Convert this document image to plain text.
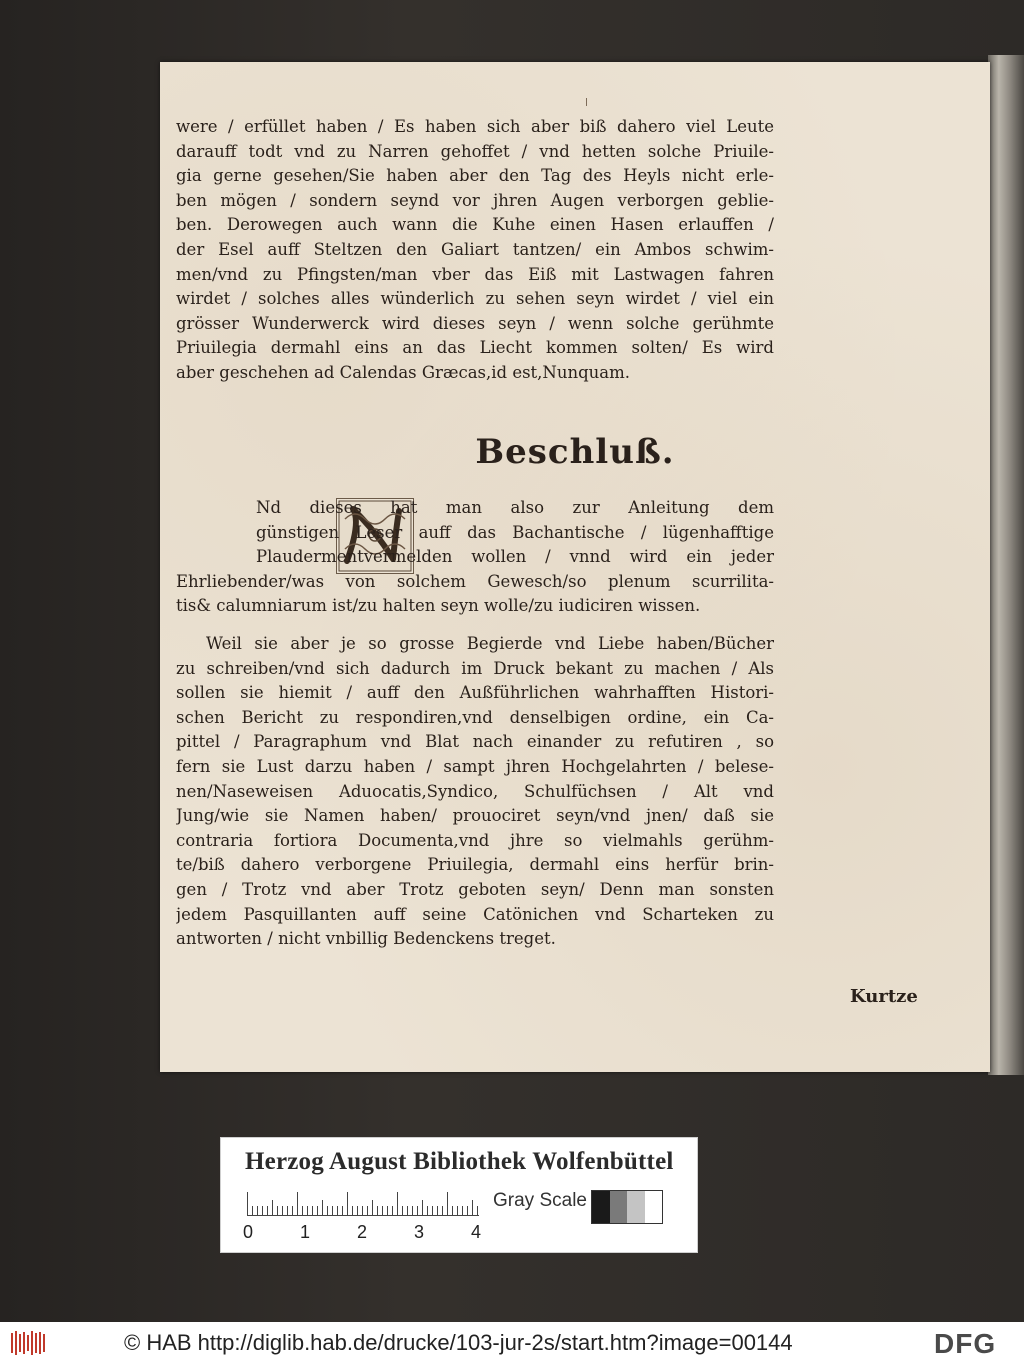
were / erfüllet haben / Es haben sich aber biß dahero viel Leute
darauff todt vnd zu Narren gehoffet / vnd hetten solche Priuile-
gia gerne gesehen/Sie haben aber den Tag des Heyls nicht erle-
ben mögen / sondern seynd vor jhren Augen verborgen geblie-
ben. Derowegen auch wann die Kuhe einen Hasen erlauffen /
der Esel auff Steltzen den Galiart tantzen/ ein Ambos schwim-
men/vnd zu Pfingsten/man vber das Eiß mit Lastwagen fahren
wirdet / solches alles wünderlich zu sehen seyn wirdet / viel ein
grösser Wunderwerck wird dieses seyn / wenn solche gerühmte
Priuilegia dermahl eins an das Liecht kommen solten/ Es wird
aber geschehen ad Calendas Græcas,id est,Nunquam.
Beschluß.
Nd dieses hat man also zur Anleitung dem
günstigen Leser auff das Bachantische / lügenhafftige
Plaudermentvermelden wollen / vnnd wird ein jeder
Ehrliebender/was von solchem Gewesch/so plenum scurrilita-
tis& calumniarum ist/zu halten seyn wolle/zu iudiciren wissen.
Weil sie aber je so grosse Begierde vnd Liebe haben/Bücher
zu schreiben/vnd sich dadurch im Druck bekant zu machen / Als
sollen sie hiemit / auff den Außführlichen wahrhafften Histori-
schen Bericht zu respondiren,vnd denselbigen ordine, ein Ca-
pittel / Paragraphum vnd Blat nach einander zu refutiren , so
fern sie Lust darzu haben / sampt jhren Hochgelahrten / belese-
nen/Naseweisen Aduocatis,Syndico, Schulfüchsen / Alt vnd
Jung/wie sie Namen haben/ prouociret seyn/vnd jnen/ daß sie
contraria fortiora Documenta,vnd jhre so vielmahls gerühm-
te/biß dahero verborgene Priuilegia, dermahl eins herfür brin-
gen / Trotz vnd aber Trotz geboten seyn/ Denn man sonsten
jedem Pasquillanten auff seine Catönichen vnd Scharteken zu
antworten / nicht vnbillig Bedenckens treget.
Kurtze
Herzog August Bibliothek Wolfenbüttel
0	1	2	3	4
Gray Scale
© HAB http://diglib.hab.de/drucke/103-jur-2s/start.htm?image=00144	DFG
